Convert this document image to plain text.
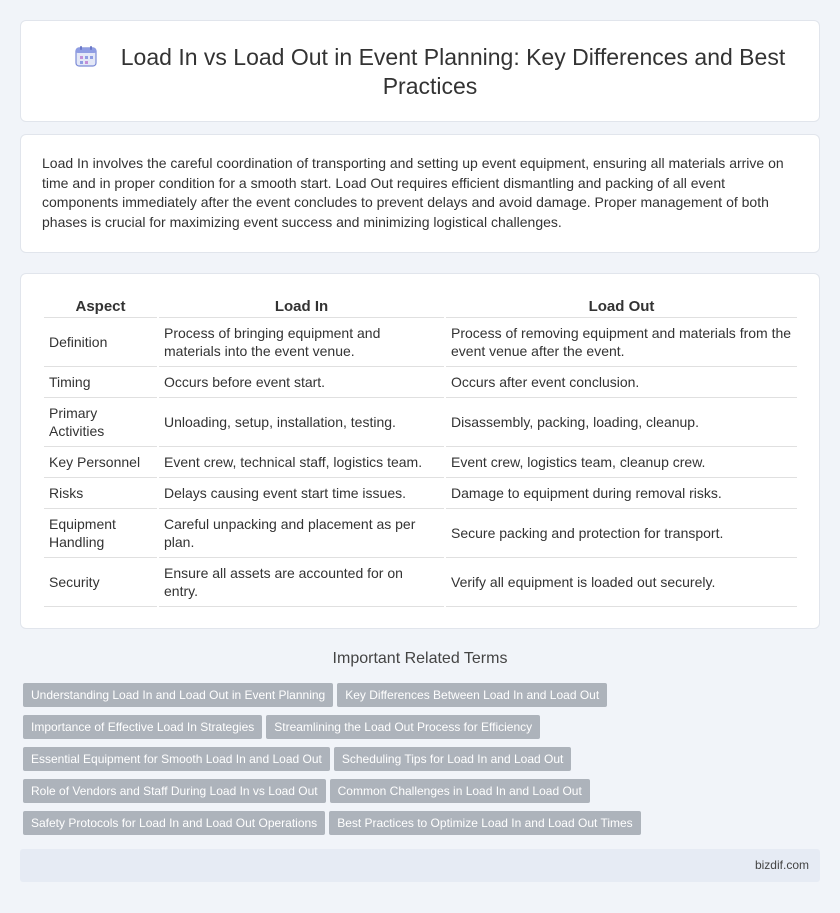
Load In vs Load Out in Event Planning: Key Differences and Best Practices

Load In involves the careful coordination of transporting and setting up event equipment, ensuring all materials arrive on time and in proper condition for a smooth start. Load Out requires efficient dismantling and packing of all event components immediately after the event concludes to prevent delays and avoid damage. Proper management of both phases is crucial for maximizing event success and minimizing logistical challenges.

Aspect	Load In	Load Out
Definition	Process of bringing equipment and materials into the event venue.	Process of removing equipment and materials from the event venue after the event.
Timing	Occurs before event start.	Occurs after event conclusion.
Primary Activities	Unloading, setup, installation, testing.	Disassembly, packing, loading, cleanup.
Key Personnel	Event crew, technical staff, logistics team.	Event crew, logistics team, cleanup crew.
Risks	Delays causing event start time issues.	Damage to equipment during removal risks.
Equipment Handling	Careful unpacking and placement as per plan.	Secure packing and protection for transport.
Security	Ensure all assets are accounted for on entry.	Verify all equipment is loaded out securely.
Important Related Terms
Understanding Load In and Load Out in Event Planning Key Differences Between Load In and Load Out
Importance of Effective Load In Strategies Streamlining the Load Out Process for Efficiency
Essential Equipment for Smooth Load In and Load Out Scheduling Tips for Load In and Load Out
Role of Vendors and Staff During Load In vs Load Out Common Challenges in Load In and Load Out
Safety Protocols for Load In and Load Out Operations Best Practices to Optimize Load In and Load Out Times
bizdif.com
